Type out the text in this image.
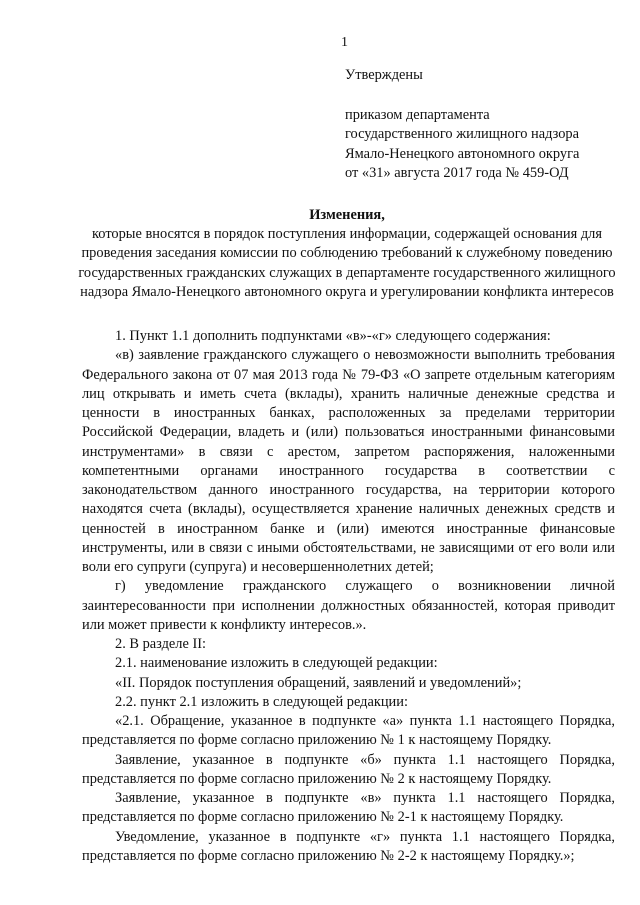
1
Утверждены
приказом департамента
государственного жилищного надзора
Ямало-Ненецкого автономного округа
от «31» августа 2017 года № 459-ОД
Изменения,
которые вносятся в порядок поступления информации, содержащей основания для проведения заседания комиссии по соблюдению требований к служебному поведению государственных гражданских служащих в департаменте государственного жилищного надзора Ямало-Ненецкого автономного округа и урегулировании конфликта интересов

1. Пункт 1.1 дополнить подпунктами «в»-«г» следующего содержания:

«в) заявление гражданского служащего о невозможности выполнить требования Федерального закона от 07 мая 2013 года № 79-ФЗ «О запрете отдельным категориям лиц открывать и иметь счета (вклады), хранить наличные денежные средства и ценности в иностранных банках, расположенных за пределами территории Российской Федерации, владеть и (или) пользоваться иностранными финансовыми инструментами» в связи с арестом, запретом распоряжения, наложенными компетентными органами иностранного государства в соответствии с законодательством данного иностранного государства, на территории которого находятся счета (вклады), осуществляется хранение наличных денежных средств и ценностей в иностранном банке и (или) имеются иностранные финансовые инструменты, или в связи с иными обстоятельствами, не зависящими от его воли или воли его супруги (супруга) и несовершеннолетних детей;

г) уведомление гражданского служащего о возникновении личной заинтересованности при исполнении должностных обязанностей, которая приводит или может привести к конфликту интересов.».

2. В разделе II:

2.1. наименование изложить в следующей редакции:

«II. Порядок поступления обращений, заявлений и уведомлений»;

2.2. пункт 2.1 изложить в следующей редакции:

«2.1. Обращение, указанное в подпункте «а» пункта 1.1 настоящего Порядка, представляется по форме согласно приложению № 1 к настоящему Порядку.

Заявление, указанное в подпункте «б» пункта 1.1 настоящего Порядка, представляется по форме согласно приложению № 2 к настоящему Порядку.

Заявление, указанное в подпункте «в» пункта 1.1 настоящего Порядка, представляется по форме согласно приложению № 2-1 к настоящему Порядку.

Уведомление, указанное в подпункте «г» пункта 1.1 настоящего Порядка, представляется по форме согласно приложению № 2-2 к настоящему Порядку.»;
